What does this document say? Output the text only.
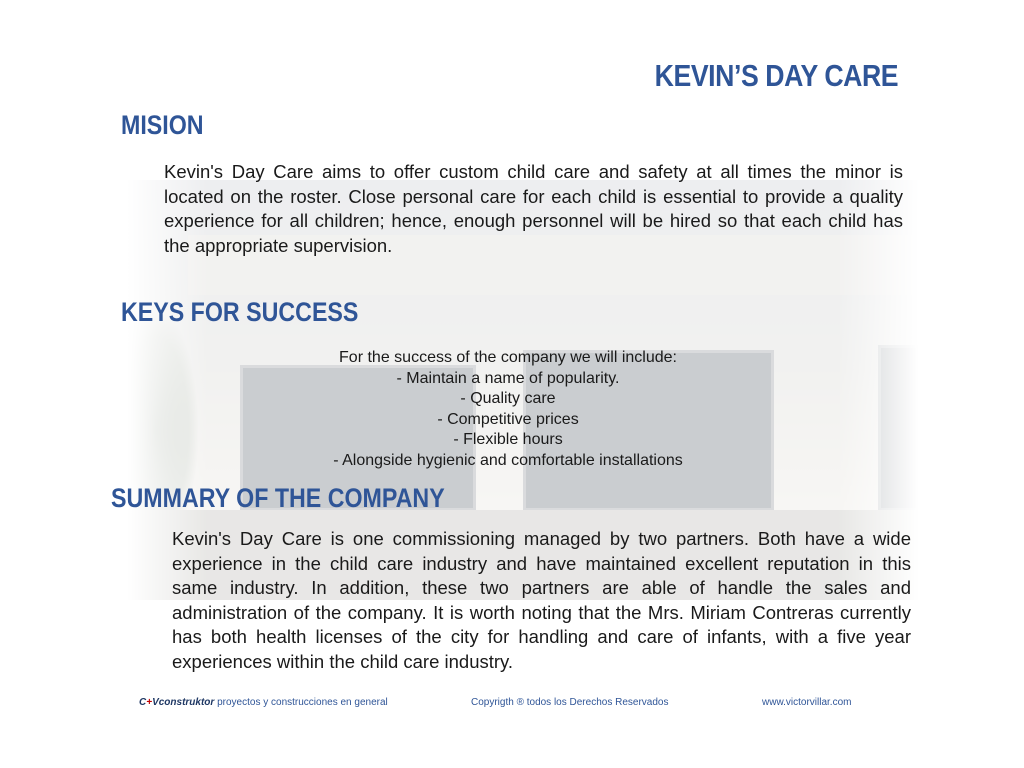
KEVIN’S DAY CARE
MISION

Kevin's Day Care aims to offer custom child care and safety at all times the minor is located on the roster. Close personal care for each child is essential to provide a quality experience for all children; hence, enough personnel will be hired so that each child has the appropriate supervision.

KEYS FOR SUCCESS
For the success of the company we will include:
- Maintain a name of popularity.
- Quality care
- Competitive prices
- Flexible hours
- Alongside hygienic and comfortable installations
SUMMARY OF THE COMPANY

Kevin's Day Care is one commissioning managed by two partners. Both have a wide experience in the child care industry and have maintained excellent reputation in this same industry. In addition, these two partners are able of handle the sales and administration of the company. It is worth noting that the Mrs. Miriam Contreras currently has both health licenses of the city for handling and care of infants, with a five year experiences within the child care industry.

C+Vconstruktor proyectos y construcciones en general	Copyrigth ® todos los Derechos Reservados	www.victorvillar.com
